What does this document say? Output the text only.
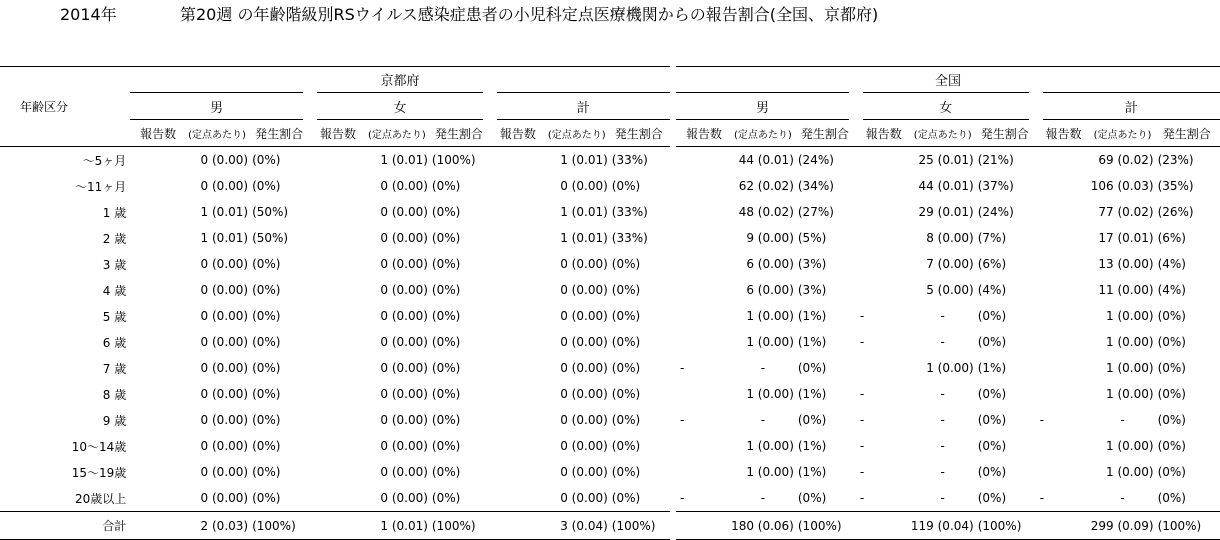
2014年	第20週 の年齢階級別RSウイルス感染症患者の小児科定点医療機関からの報告割合(全国、京都府)
年齢区分	京都府										全国								
	男			女			計				男			女			計		
	報告数	(定点あたり)	発生割合	報告数	(定点あたり)	発生割合	報告数	(定点あたり)	発生割合		報告数	(定点あたり)	発生割合	報告数	(定点あたり)	発生割合	報告数	(定点あたり)	発生割合
～5ヶ月	0 (0.00)		(0%)	1 (0.01)		(100%)	1 (0.01)		(33%)		44 (0.01)		(24%)	25 (0.01)		(21%)	69 (0.02)		(23%)
～11ヶ月	0 (0.00)		(0%)	0 (0.00)		(0%)	0 (0.00)		(0%)		62 (0.02)		(34%)	44 (0.01)		(37%)	106 (0.03)		(35%)
1 歳	1 (0.01)		(50%)	0 (0.00)		(0%)	1 (0.01)		(33%)		48 (0.02)		(27%)	29 (0.01)		(24%)	77 (0.02)		(26%)
2 歳	1 (0.01)		(50%)	0 (0.00)		(0%)	1 (0.01)		(33%)		9 (0.00)		(5%)	8 (0.00)		(7%)	17 (0.01)		(6%)
3 歳	0 (0.00)		(0%)	0 (0.00)		(0%)	0 (0.00)		(0%)		6 (0.00)		(3%)	7 (0.00)		(6%)	13 (0.00)		(4%)
4 歳	0 (0.00)		(0%)	0 (0.00)		(0%)	0 (0.00)		(0%)		6 (0.00)		(3%)	5 (0.00)		(4%)	11 (0.00)		(4%)
5 歳	0 (0.00)		(0%)	0 (0.00)		(0%)	0 (0.00)		(0%)		1 (0.00)		(1%)	-	-	(0%)	1 (0.00)		(0%)
6 歳	0 (0.00)		(0%)	0 (0.00)		(0%)	0 (0.00)		(0%)		1 (0.00)		(1%)	-	-	(0%)	1 (0.00)		(0%)
7 歳	0 (0.00)		(0%)	0 (0.00)		(0%)	0 (0.00)		(0%)		-	-	(0%)	1 (0.00)		(1%)	1 (0.00)		(0%)
8 歳	0 (0.00)		(0%)	0 (0.00)		(0%)	0 (0.00)		(0%)		1 (0.00)		(1%)	-	-	(0%)	1 (0.00)		(0%)
9 歳	0 (0.00)		(0%)	0 (0.00)		(0%)	0 (0.00)		(0%)		-	-	(0%)	-	-	(0%)	-	-	(0%)
10～14歳	0 (0.00)		(0%)	0 (0.00)		(0%)	0 (0.00)		(0%)		1 (0.00)		(1%)	-	-	(0%)	1 (0.00)		(0%)
15～19歳	0 (0.00)		(0%)	0 (0.00)		(0%)	0 (0.00)		(0%)		1 (0.00)		(1%)	-	-	(0%)	1 (0.00)		(0%)
20歳以上	0 (0.00)		(0%)	0 (0.00)		(0%)	0 (0.00)		(0%)		-	-	(0%)	-	-	(0%)	-	-	(0%)
合計	2 (0.03)		(100%)	1 (0.01)		(100%)	3 (0.04)		(100%)		180 (0.06)		(100%)	119 (0.04)		(100%)	299 (0.09)		(100%)
